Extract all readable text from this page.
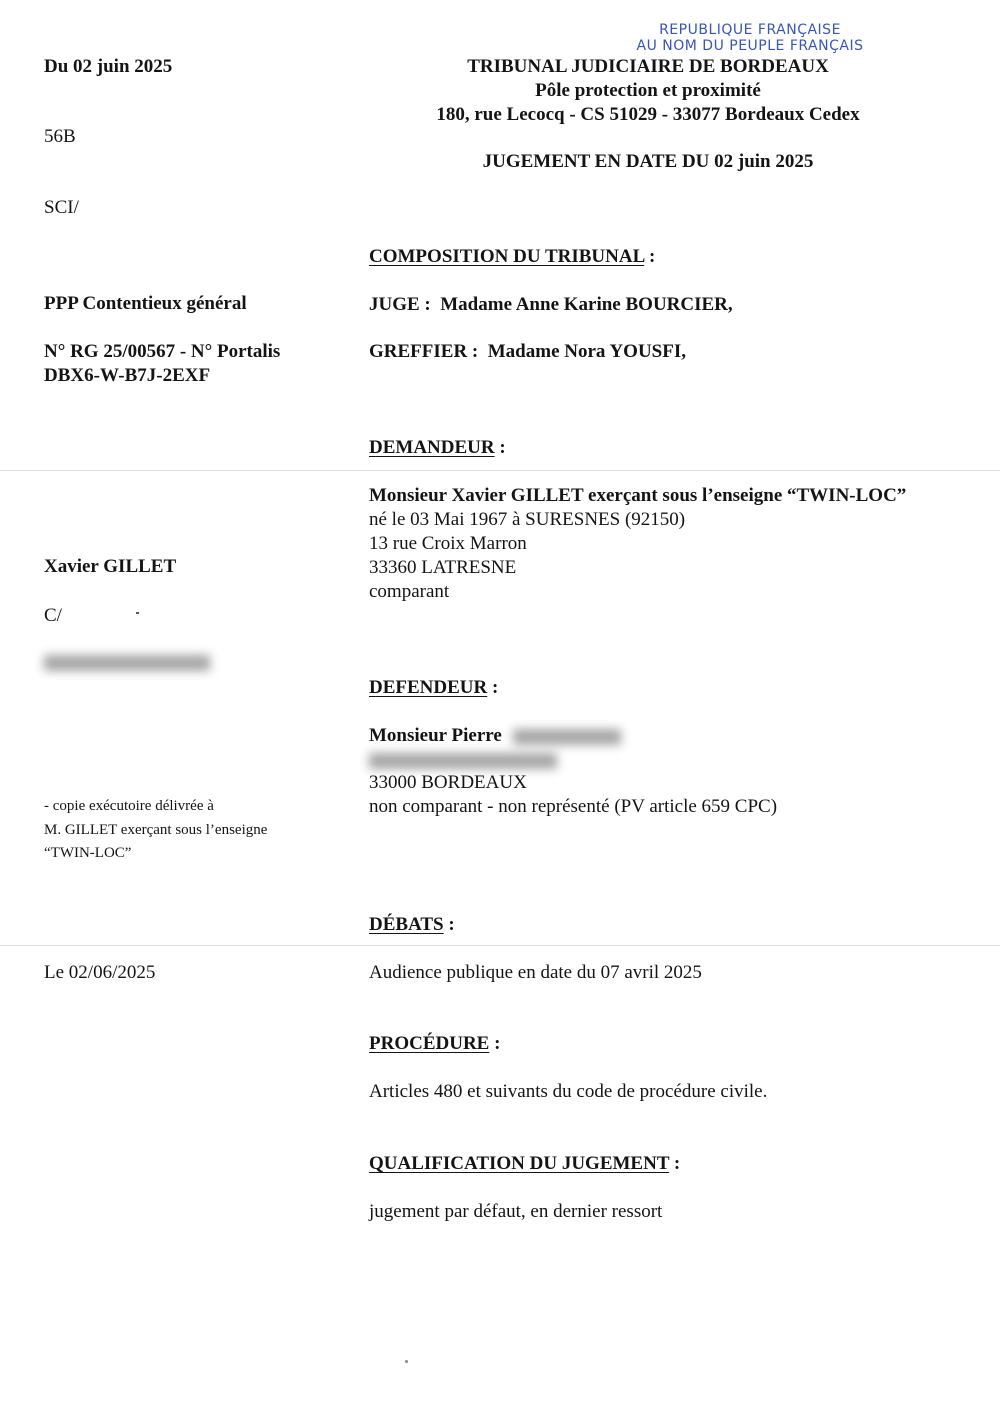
REPUBLIQUE FRANÇAISE
AU NOM DU PEUPLE FRANÇAIS
Du 02 juin 2025
56B
SCI/
PPP Contentieux général
N° RG 25/00567 - N° Portalis
DBX6-W-B7J-2EXF
Xavier GILLET
C/
- copie exécutoire délivrée à
M. GILLET exerçant sous l’enseigne
“TWIN-LOC”
Le 02/06/2025
TRIBUNAL JUDICIAIRE DE BORDEAUX
Pôle protection et proximité
180, rue Lecocq - CS 51029 - 33077 Bordeaux Cedex
JUGEMENT EN DATE DU 02 juin 2025
COMPOSITION DU TRIBUNAL :
JUGE : Madame Anne Karine BOURCIER,
GREFFIER : Madame Nora YOUSFI,
DEMANDEUR :
Monsieur Xavier GILLET exerçant sous l’enseigne “TWIN-LOC”
né le 03 Mai 1967 à SURESNES (92150)
13 rue Croix Marron
33360 LATRESNE
comparant
DEFENDEUR :
Monsieur Pierre
33000 BORDEAUX
non comparant - non représenté (PV article 659 CPC)
DÉBATS :
Audience publique en date du 07 avril 2025
PROCÉDURE :
Articles 480 et suivants du code de procédure civile.
QUALIFICATION DU JUGEMENT :
jugement par défaut, en dernier ressort
